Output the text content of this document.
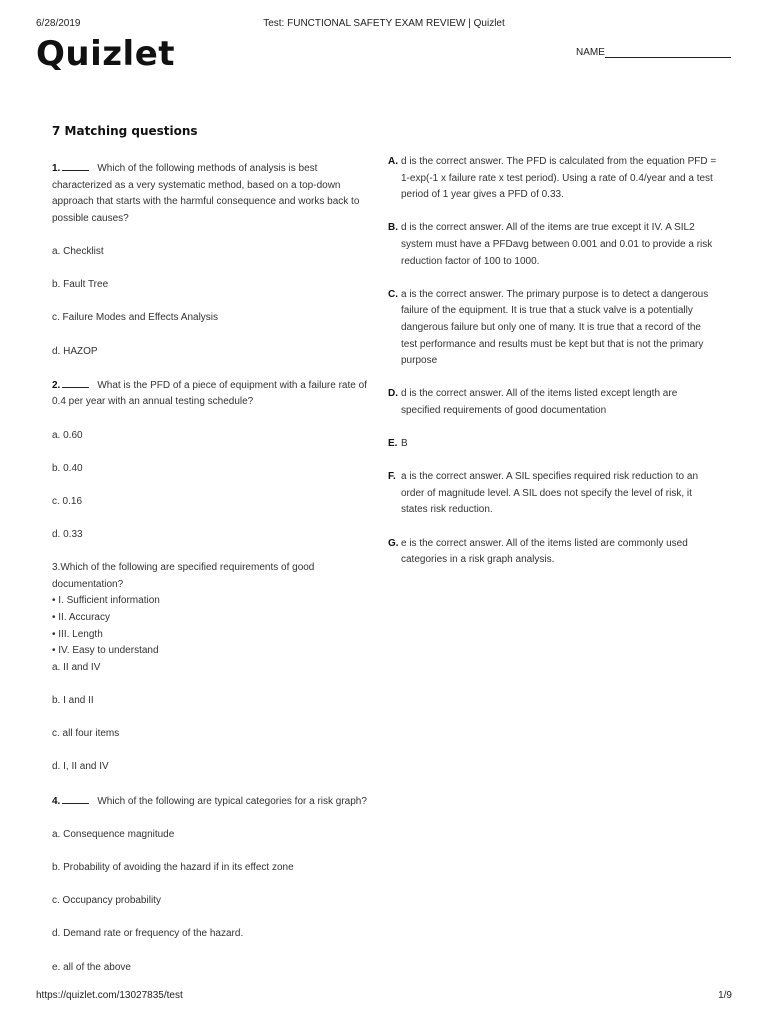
6/28/2019	Test: FUNCTIONAL SAFETY EXAM REVIEW | Quizlet
Quizlet	NAME
7 Matching questions
1.	Which of the following methods of analysis is best characterized as a very systematic method, based on a top-down approach that starts with the harmful consequence and works back to possible causes?
a. Checklist
b. Fault Tree
c. Failure Modes and Effects Analysis
d. HAZOP
2.	What is the PFD of a piece of equipment with a failure rate of 0.4 per year with an annual testing schedule?
a. 0.60
b. 0.40
c. 0.16
d. 0.33
3.Which of the following are specified requirements of good documentation?
• I. Sufficient information
• II. Accuracy
• III. Length
• IV. Easy to understand
a. II and IV
b. I and II
c. all four items
d. I, II and IV
4.	Which of the following are typical categories for a risk graph?
a. Consequence magnitude
b. Probability of avoiding the hazard if in its effect zone
c. Occupancy probability
d. Demand rate or frequency of the hazard.
e. all of the above
A. d is the correct answer. The PFD is calculated from the equation PFD = 1-exp(-1 x failure rate x test period). Using a rate of 0.4/year and a test period of 1 year gives a PFD of 0.33.
B. d is the correct answer. All of the items are true except it IV. A SIL2 system must have a PFDavg between 0.001 and 0.01 to provide a risk reduction factor of 100 to 1000.
C. a is the correct answer. The primary purpose is to detect a dangerous failure of the equipment. It is true that a stuck valve is a potentially dangerous failure but only one of many. It is true that a record of the test performance and results must be kept but that is not the primary purpose
D. d is the correct answer. All of the items listed except length are specified requirements of good documentation
E. B
F. a is the correct answer. A SIL specifies required risk reduction to an order of magnitude level. A SIL does not specify the level of risk, it states risk reduction.
G. e is the correct answer. All of the items listed are commonly used categories in a risk graph analysis.
https://quizlet.com/13027835/test	1/9
